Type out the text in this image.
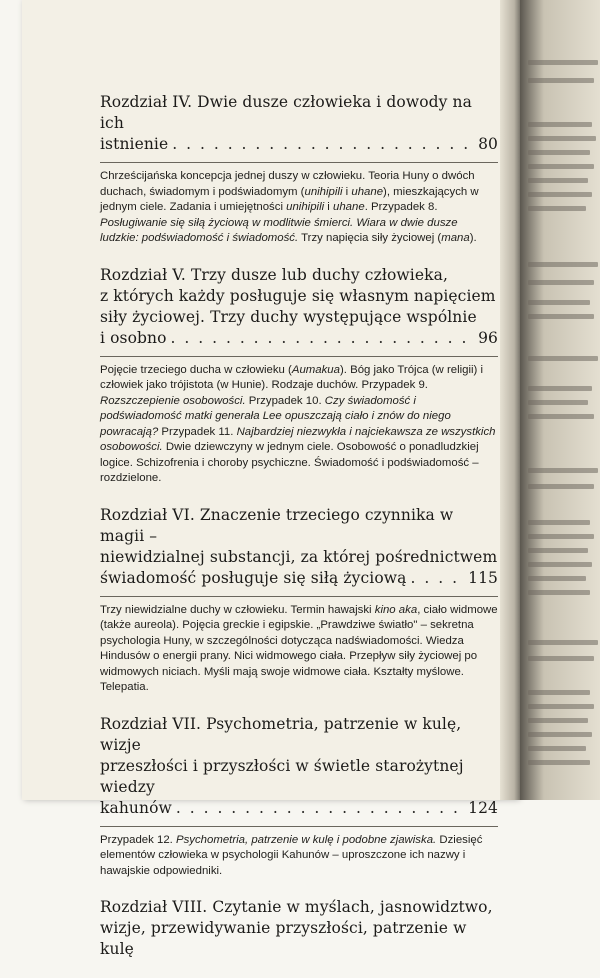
Rozdział IV. Dwie dusze człowieka i dowody na ich
istnienie . . .	80
Chrześcijańska koncepcja jednej duszy w człowieku. Teoria Huny o dwóch duchach, świadomym i podświadomym (unihipili i uhane), mieszkających w jednym ciele. Zadania i umiejętności unihipili i uhane. Przypadek 8. Posługiwanie się siłą życiową w modlitwie śmierci. Wiara w dwie dusze ludzkie: podświadomość i świadomość. Trzy napięcia siły życiowej (mana).
Rozdział V. Trzy dusze lub duchy człowieka,
z których każdy posługuje się własnym napięciem
siły życiowej. Trzy duchy występujące wspólnie
i osobno . . .	96
Pojęcie trzeciego ducha w człowieku (Aumakua). Bóg jako Trójca (w religii) i człowiek jako trójistota (w Hunie). Rodzaje duchów. Przypadek 9. Rozszczepienie osobowości. Przypadek 10. Czy świadomość i podświadomość matki generała Lee opuszczają ciało i znów do niego powracają? Przypadek 11. Najbardziej niezwykła i najciekawsza ze wszystkich osobowości. Dwie dziewczyny w jednym ciele. Osobowość o ponadludzkiej logice. Schizofrenia i choroby psychiczne. Świadomość i podświadomość – rozdzielone.
Rozdział VI. Znaczenie trzeciego czynnika w magii –
niewidzialnej substancji, za której pośrednictwem
świadomość posługuje się siłą życiową . . .	115
Trzy niewidzialne duchy w człowieku. Termin hawajski kino aka, ciało widmowe (także aureola). Pojęcia greckie i egipskie. „Prawdziwe światło" – sekretna psychologia Huny, w szczególności dotycząca nadświadomości. Wiedza Hindusów o energii prany. Nici widmowego ciała. Przepływ siły życiowej po widmowych niciach. Myśli mają swoje widmowe ciała. Kształty myślowe. Telepatia.
Rozdział VII. Psychometria, patrzenie w kulę, wizje
przeszłości i przyszłości w świetle starożytnej wiedzy
kahunów . . .	124
Przypadek 12. Psychometria, patrzenie w kulę i podobne zjawiska. Dziesięć elementów człowieka w psychologii Kahunów – uproszczone ich nazwy i hawajskie odpowiedniki.
Rozdział VIII. Czytanie w myślach, jasnowidztwo,
wizje, przewidywanie przyszłości, patrzenie w kulę
